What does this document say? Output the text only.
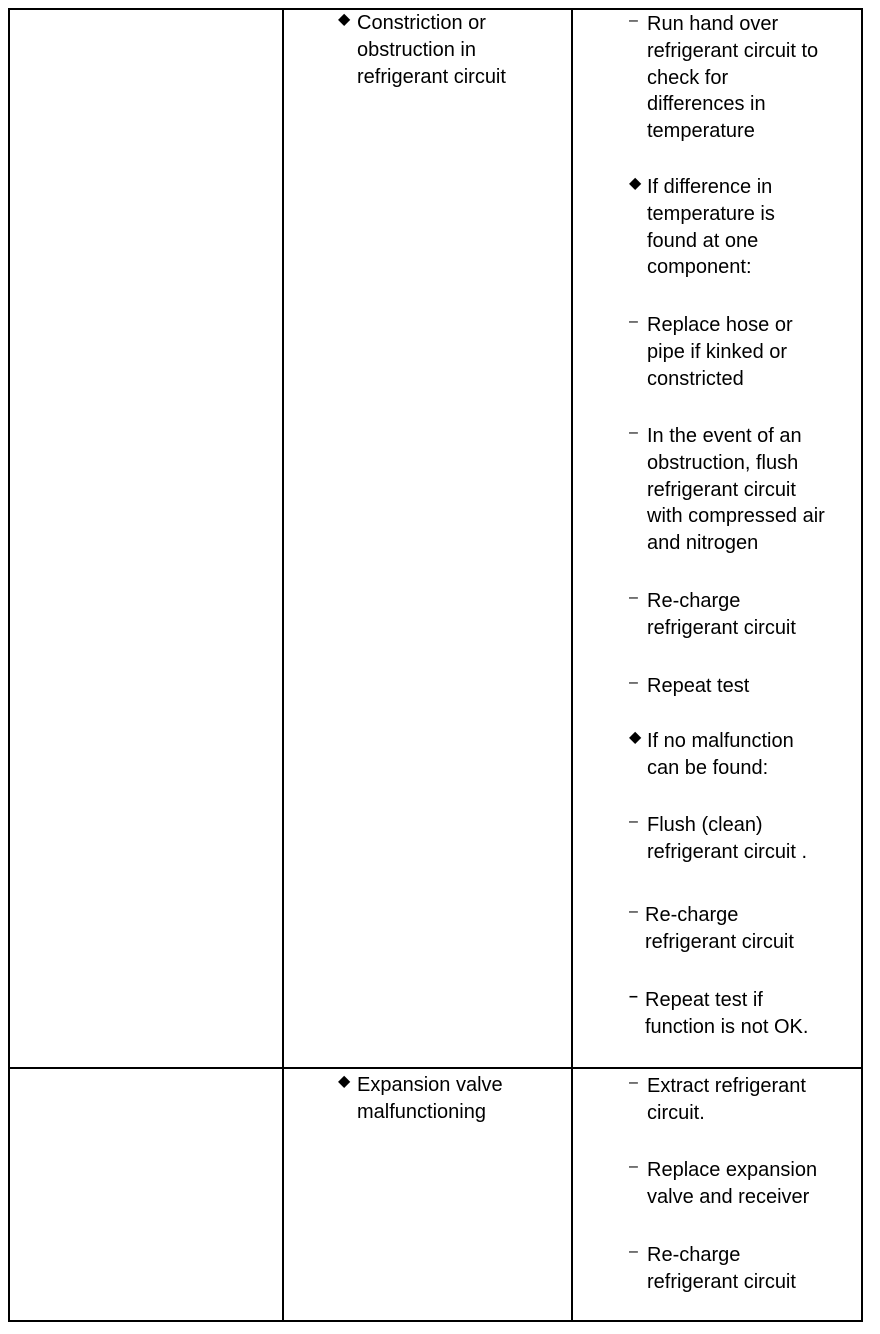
◆ Constriction or
obstruction in
refrigerant circuit
– Run hand over
refrigerant circuit to
check for
differences in
temperature
◆ If difference in
temperature is
found at one
component:
– Replace hose or
pipe if kinked or
constricted
– In the event of an
obstruction, flush
refrigerant circuit
with compressed air
and nitrogen
– Re-charge
refrigerant circuit
– Repeat test
◆ If no malfunction
can be found:
– Flush (clean)
refrigerant circuit .
– Re-charge
refrigerant circuit
– Repeat test if
function is not OK.
◆ Expansion valve
malfunctioning
– Extract refrigerant
circuit.
– Replace expansion
valve and receiver
– Re-charge
refrigerant circuit
